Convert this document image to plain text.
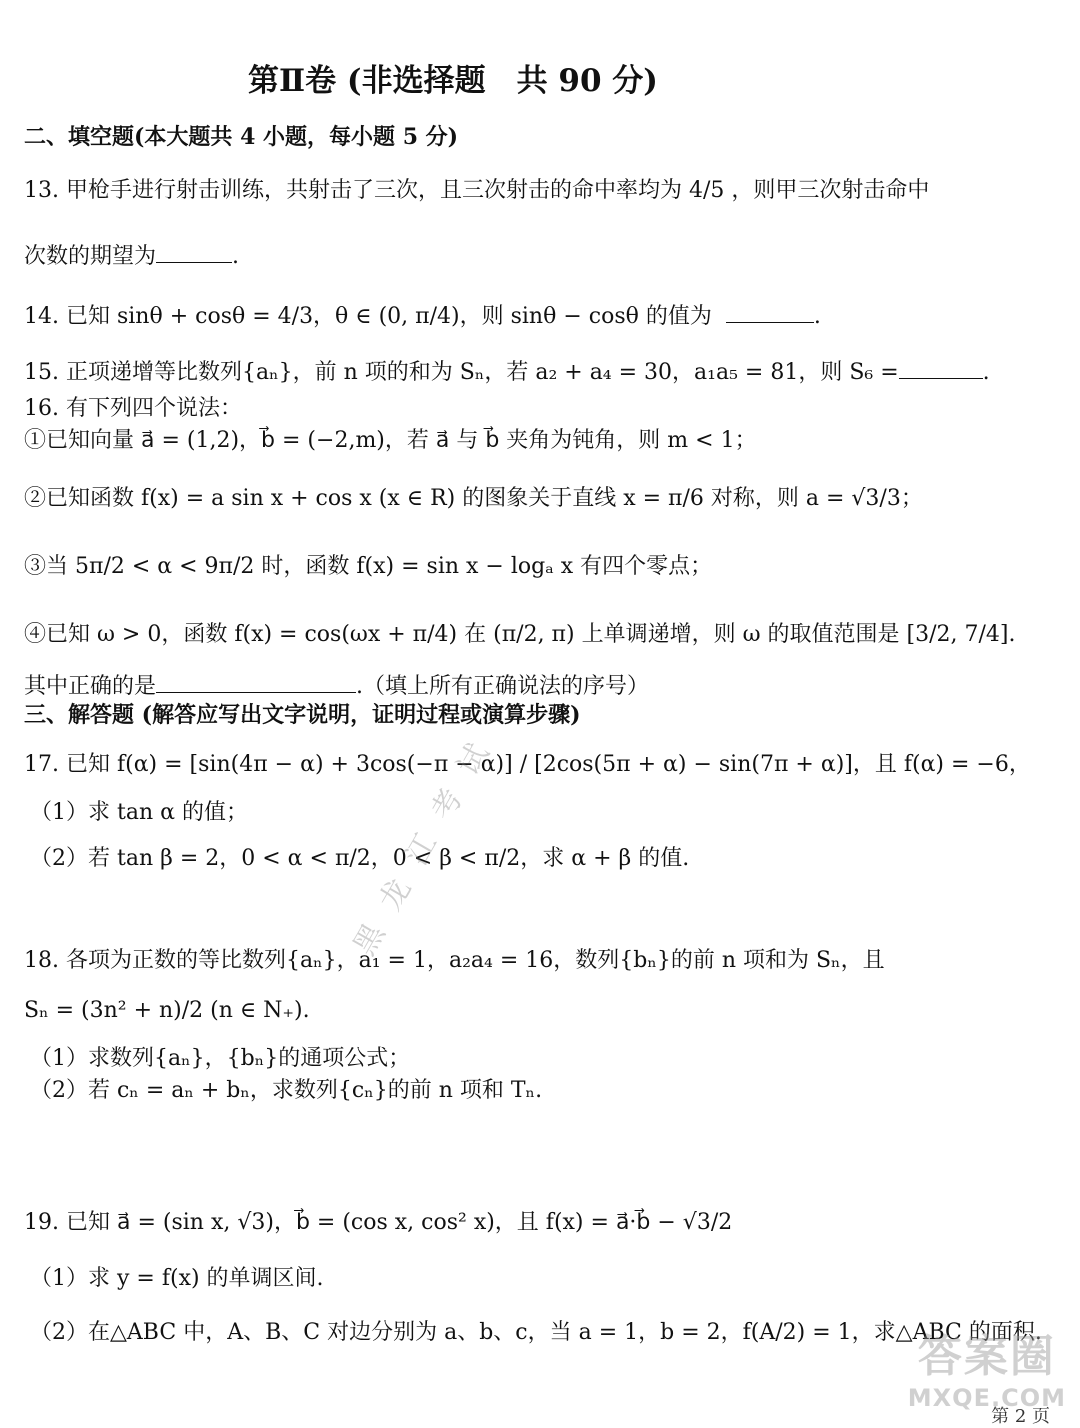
第Ⅱ卷 (非选择题　共 90 分)
二、填空题(本大题共 4 小题，每小题 5 分)
13. 甲枪手进行射击训练，共射击了三次，且三次射击的命中率均为 4/5 ，则甲三次射击命中
次数的期望为	.
14. 已知 sinθ + cosθ = 4/3，θ ∈ (0, π/4)，则 sinθ − cosθ 的值为	.
15. 正项递增等比数列{aₙ}，前 n 项的和为 Sₙ，若 a₂ + a₄ = 30，a₁a₅ = 81，则 S₆ =	.
16. 有下列四个说法：
①已知向量 a⃗ = (1,2)，b⃗ = (−2,m)，若 a⃗ 与 b⃗ 夹角为钝角，则 m < 1；
②已知函数 f(x) = a sin x + cos x (x ∈ R) 的图象关于直线 x = π/6 对称，则 a = √3/3；
③当 5π/2 < α < 9π/2 时，函数 f(x) = sin x − logₐ x 有四个零点；
④已知 ω > 0，函数 f(x) = cos(ωx + π/4) 在 (π/2, π) 上单调递增，则 ω 的取值范围是 [3/2, 7/4].
其中正确的是	.（填上所有正确说法的序号）
三、解答题 (解答应写出文字说明，证明过程或演算步骤)
17. 已知 f(α) = [sin(4π − α) + 3cos(−π − α)] / [2cos(5π + α) − sin(7π + α)]，且 f(α) = −6，
（1）求 tan α 的值；
（2）若 tan β = 2，0 < α < π/2，0 < β < π/2，求 α + β 的值.
18. 各项为正数的等比数列{aₙ}，a₁ = 1，a₂a₄ = 16，数列{bₙ}的前 n 项和为 Sₙ，且
Sₙ = (3n² + n)/2 (n ∈ N₊).
（1）求数列{aₙ}，{bₙ}的通项公式；
（2）若 cₙ = aₙ + bₙ，求数列{cₙ}的前 n 项和 Tₙ.
19. 已知 a⃗ = (sin x, √3)，b⃗ = (cos x, cos² x)，且 f(x) = a⃗·b⃗ − √3/2
（1）求 y = f(x) 的单调区间.
（2）在△ABC 中，A、B、C 对边分别为 a、b、c，当 a = 1，b = 2，f(A/2) = 1，求△ABC 的面积.
黑龙江考试
答案圈
MXQE.COM
第 2 页
